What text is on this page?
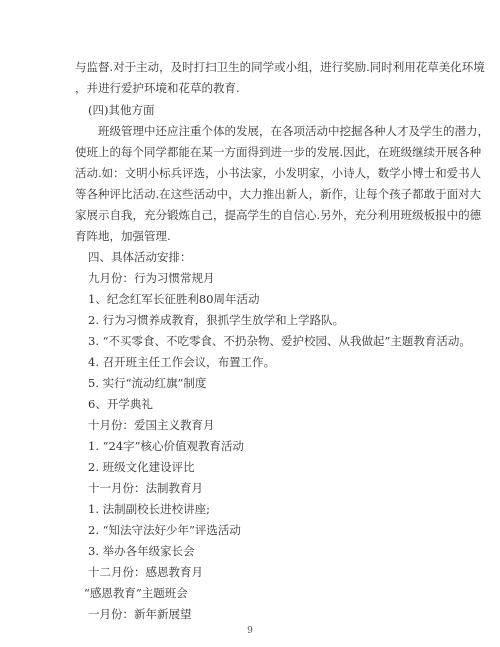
与监督.对于主动，及时打扫卫生的同学或小组，进行奖励.同时利用花草美化环境
，并进行爱护环境和花草的教育.
(四)其他方面
班级管理中还应注重个体的发展，在各项活动中挖掘各种人才及学生的潜力，
使班上的每个同学都能在某一方面得到进一步的发展.因此，在班级继续开展各种
活动.如：文明小标兵评选，小书法家，小发明家，小诗人，数学小博士和爱书人
等各种评比活动.在这些活动中，大力推出新人，新作，让每个孩子都敢于面对大
家展示自我，充分锻炼自己，提高学生的自信心.另外，充分利用班级板报中的德
育阵地，加强管理.
四、具体活动安排：
九月份：行为习惯常规月
1、纪念红军长征胜利80周年活动
2. 行为习惯养成教育，狠抓学生放学和上学路队。
3. “不买零食、不吃零食、不扔杂物、爱护校园、从我做起”主题教育活动。
4. 召开班主任工作会议，布置工作。
5. 实行“流动红旗”制度
6、开学典礼
十月份：爱国主义教育月
1. “24字”核心价值观教育活动
2. 班级文化建设评比
十一月份：法制教育月
1. 法制副校长进校讲座;
2. “知法守法好少年”评选活动
3. 举办各年级家长会
十二月份：感恩教育月
“感恩教育”主题班会
一月份：新年新展望
9
